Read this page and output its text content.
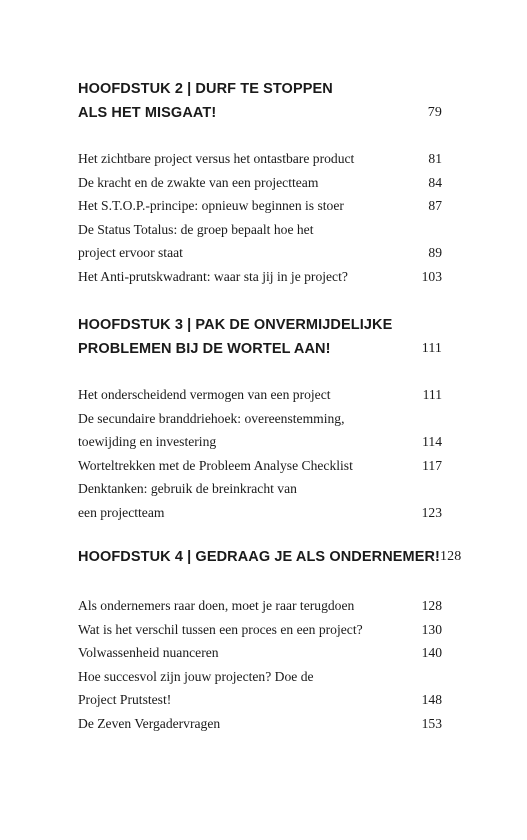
HOOFDSTUK 2 | DURF TE STOPPEN
ALS HET MISGAAT!	79
Het zichtbare project versus het ontastbare product	81
De kracht en de zwakte van een projectteam	84
Het S.T.O.P.-principe: opnieuw beginnen is stoer	87
De Status Totalus: de groep bepaalt hoe het
project ervoor staat	89
Het Anti-prutskwadrant: waar sta jij in je project?	103
HOOFDSTUK 3 | PAK DE ONVERMIJDELIJKE
PROBLEMEN BIJ DE WORTEL AAN!	111
Het onderscheidend vermogen van een project	111
De secundaire branddriehoek: overeenstemming,
toewijding en investering	114
Worteltrekken met de Probleem Analyse Checklist	117
Denktanken: gebruik de breinkracht van
een projectteam	123
HOOFDSTUK 4 | GEDRAAG JE ALS ONDERNEMER! 128
Als ondernemers raar doen, moet je raar terugdoen	128
Wat is het verschil tussen een proces en een project?	130
Volwassenheid nuanceren	140
Hoe succesvol zijn jouw projecten? Doe de
Project Prutstest!	148
De Zeven Vergadervragen	153
